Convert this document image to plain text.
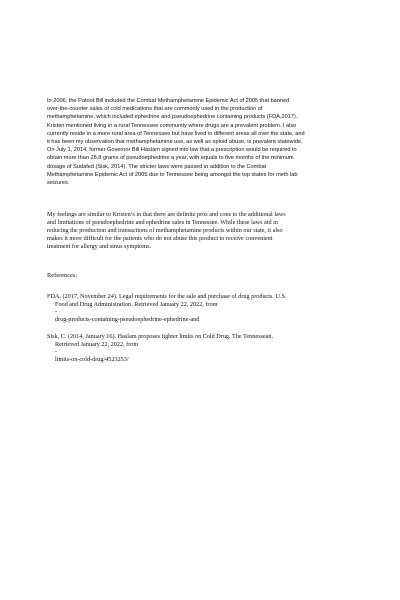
In 2006, the Patriot Bill included the Combat Methamphetamine Epidemic Act of 2005 that banned
over-the-counter sales of cold medications that are commonly used in the production of
methamphetamine, which included ephedrine and pseudoephedrine containing products (FDA,2017).
Kristen mentioned living in a rural Tennessee community where drugs are a prevalent problem. I also
currently reside in a more rural area of Tennessee but have lived in different areas all over the state, and
it has been my observation that methamphetamine use, as well as opioid abuse, is prevalent statewide.
On July 1, 2014, former Governor Bill Haslam signed into law that a prescription would be required to
obtain more than 28.8 grams of pseudoephedrine a year, with equals to five months of the minimum
dosage of Sudafed (Sisk, 2014). The stricter laws were passed in addition to the Combat
Methamphetamine Epidemic Act of 2005 due to Tennessee being amongst the top states for meth lab
seizures.
My feelings are similar to Kristen’s in that there are definite pros and cons to the additional laws
and limitations of pseudoephedrine and ephedrine sales in Tennessee. While these laws aid in
reducing the production and transactions of methamphetamine products within our state, it also
makes it more difficult for the patients who do not abuse this product to receive convenient
treatment for allergy and sinus symptoms.
References:
FDA. (2017, November 24). Legal requirements for the sale and purchase of drug products. U.S.
Food and Drug Administration. Retrieved January 22, 2022, from
-
drug-products-containing-pseudoephedrine-ephedrine-and
Sisk, C. (2014, January 16). Haslam proposes tighter limits on Cold Drug. The Tennessean.
Retrieved January 22, 2022, from
-
limits-on-cold-drug/4523253/
